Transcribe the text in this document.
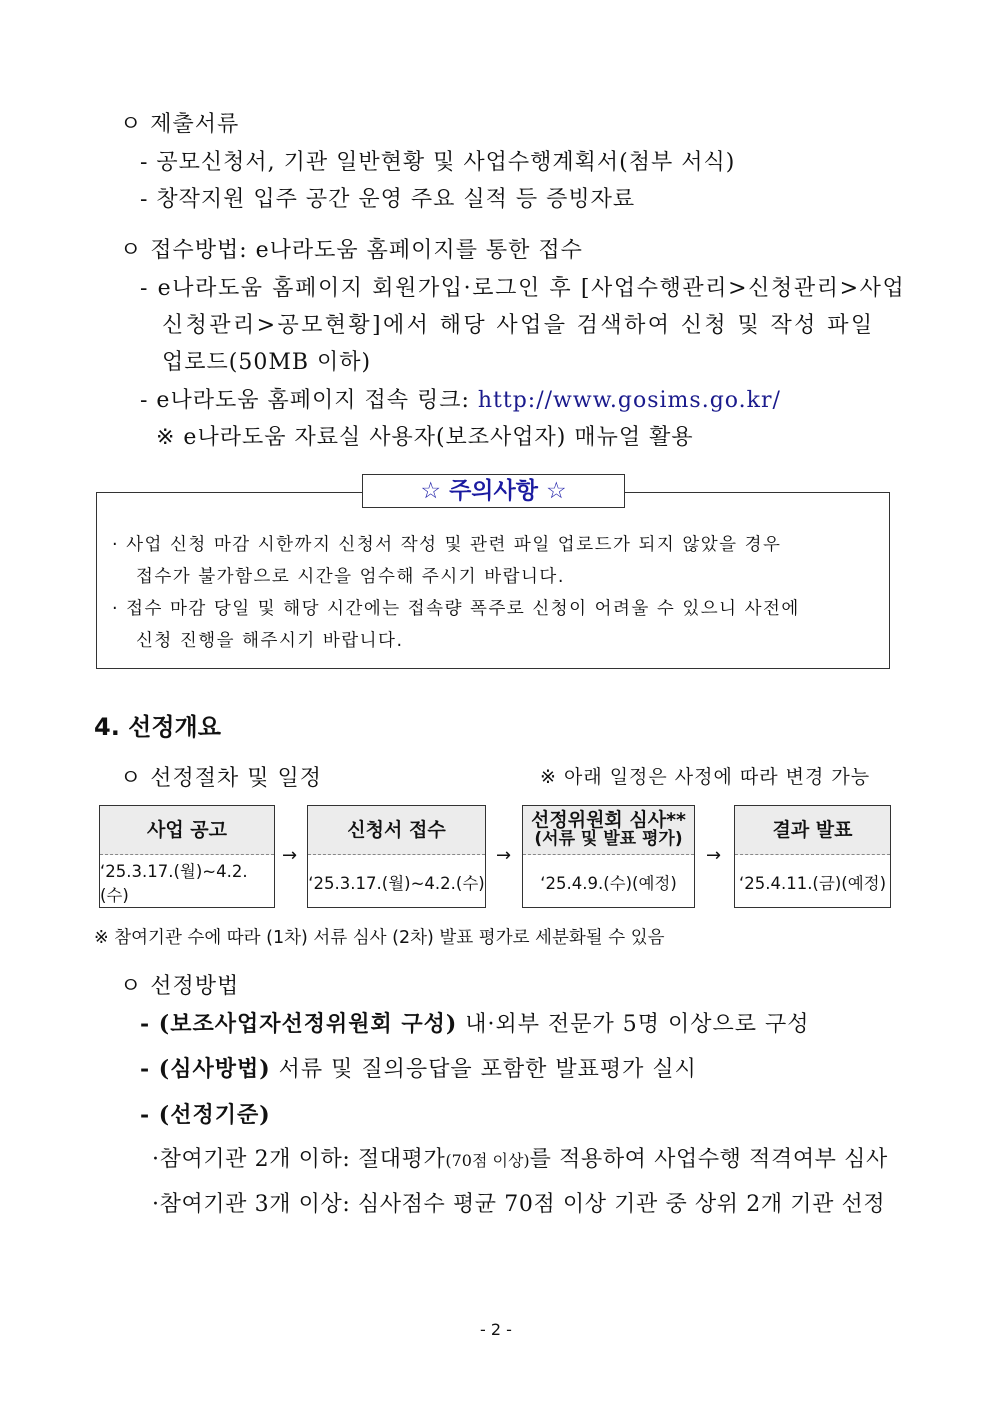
ㅇ 제출서류
- 공모신청서, 기관 일반현황 및 사업수행계획서(첨부 서식)
- 창작지원 입주 공간 운영 주요 실적 등 증빙자료
ㅇ 접수방법: e나라도움 홈페이지를 통한 접수
- e나라도움 홈페이지 회원가입·로그인 후 [사업수행관리>신청관리>사업
신청관리>공모현황]에서 해당 사업을 검색하여 신청 및 작성 파일
업로드(50MB 이하)
- e나라도움 홈페이지 접속 링크: http://www.gosims.go.kr/
※ e나라도움 자료실 사용자(보조사업자) 매뉴얼 활용
☆ 주의사항 ☆
· 사업 신청 마감 시한까지 신청서 작성 및 관련 파일 업로드가 되지 않았을 경우
접수가 불가함으로 시간을 엄수해 주시기 바랍니다.
· 접수 마감 당일 및 해당 시간에는 접속량 폭주로 신청이 어려울 수 있으니 사전에
신청 진행을 해주시기 바랍니다.
4. 선정개요
ㅇ 선정절차 및 일정	※ 아래 일정은 사정에 따라 변경 가능
사업 공고
‘25.3.17.(월)~4.2.(수)
→
신청서 접수
‘25.3.17.(월)~4.2.(수)
→
선정위원회 심사**
(서류 및 발표 평가)
‘25.4.9.(수)(예정)
→
결과 발표
‘25.4.11.(금)(예정)
※ 참여기관 수에 따라 (1차) 서류 심사 (2차) 발표 평가로 세분화될 수 있음
ㅇ 선정방법
- (보조사업자선정위원회 구성) 내·외부 전문가 5명 이상으로 구성
- (심사방법) 서류 및 질의응답을 포함한 발표평가 실시
- (선정기준)
·참여기관 2개 이하: 절대평가(70점 이상)를 적용하여 사업수행 적격여부 심사
·참여기관 3개 이상: 심사점수 평균 70점 이상 기관 중 상위 2개 기관 선정
- 2 -
